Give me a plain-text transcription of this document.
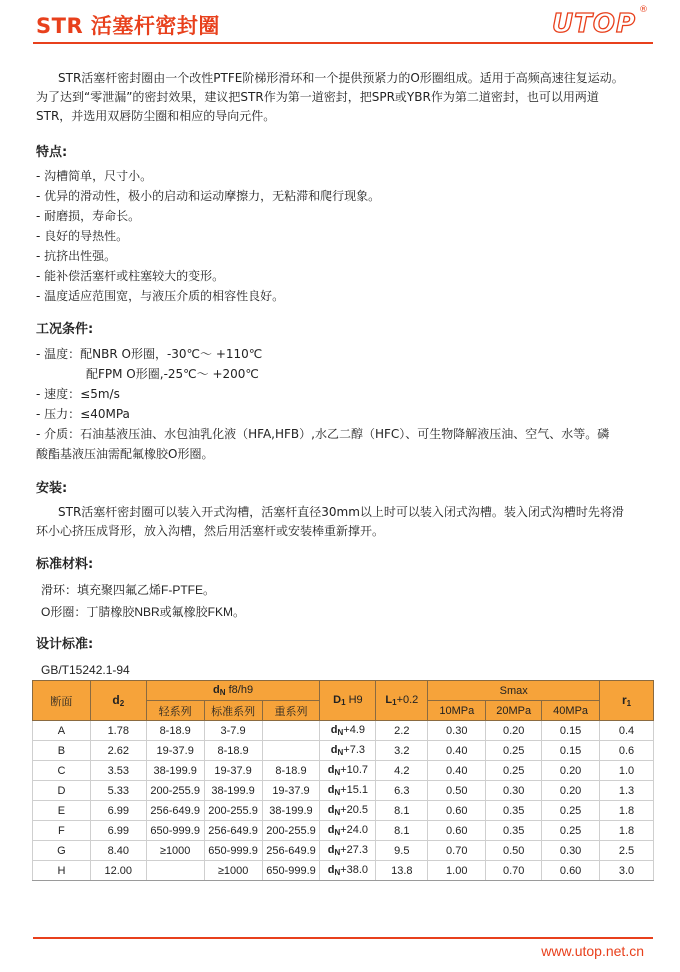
STR 活塞杆密封圈	UTOP ®
STR活塞杆密封圈由一个改性PTFE阶梯形滑环和一个提供预紧力的O形圈组成。适用于高频高速往复运动。
为了达到“零泄漏”的密封效果，建议把STR作为第一道密封，把SPR或YBR作为第二道密封，也可以用两道
STR，并选用双唇防尘圈和相应的导向元件。
特点:
- 沟槽简单，尺寸小。
- 优异的滑动性，极小的启动和运动摩擦力，无粘滞和爬行现象。
- 耐磨损，寿命长。
- 良好的导热性。
- 抗挤出性强。
- 能补偿活塞杆或柱塞较大的变形。
- 温度适应范围宽，与液压介质的相容性良好。
工况条件:
- 温度：配NBR O形圈，-30℃～ +110℃
配FPM O形圈,-25℃～ +200℃
- 速度：≤5m/s
- 压力：≤40MPa
- 介质：石油基液压油、水包油乳化液（HFA,HFB）,水乙二醇（HFC）、可生物降解液压油、空气、水等。磷
酸酯基液压油需配氟橡胶O形圈。
安装:
STR活塞杆密封圈可以装入开式沟槽，活塞杆直径30mm以上时可以装入闭式沟槽。装入闭式沟槽时先将滑
环小心挤压成肾形，放入沟槽，然后用活塞杆或安装棒重新撑开。
标准材料:
滑环：填充聚四氟乙烯F-PTFE。
O形圈：丁腈橡胶NBR或氟橡胶FKM。
设计标准:
GB/T15242.1-94
断面	$d_2$	$d_N$ f8/h9			$D_1$ H9	$L_1+0.2$	Smax			$r_1$
		轻系列	标准系列	重系列			10MPa	20MPa	40MPa	
A	1.78	8-18.9	3-7.9		$d_N+4.9$	2.2	0.30	0.20	0.15	0.4
B	2.62	19-37.9	8-18.9		$d_N+7.3$	3.2	0.40	0.25	0.15	0.6
C	3.53	38-199.9	19-37.9	8-18.9	$d_N+10.7$	4.2	0.40	0.25	0.20	1.0
D	5.33	200-255.9	38-199.9	19-37.9	$d_N+15.1$	6.3	0.50	0.30	0.20	1.3
E	6.99	256-649.9	200-255.9	38-199.9	$d_N+20.5$	8.1	0.60	0.35	0.25	1.8
F	6.99	650-999.9	256-649.9	200-255.9	$d_N+24.0$	8.1	0.60	0.35	0.25	1.8
G	8.40	≥1000	650-999.9	256-649.9	$d_N+27.3$	9.5	0.70	0.50	0.30	2.5
H	12.00		≥1000	650-999.9	$d_N+38.0$	13.8	1.00	0.70	0.60	3.0
www.utop.net.cn
